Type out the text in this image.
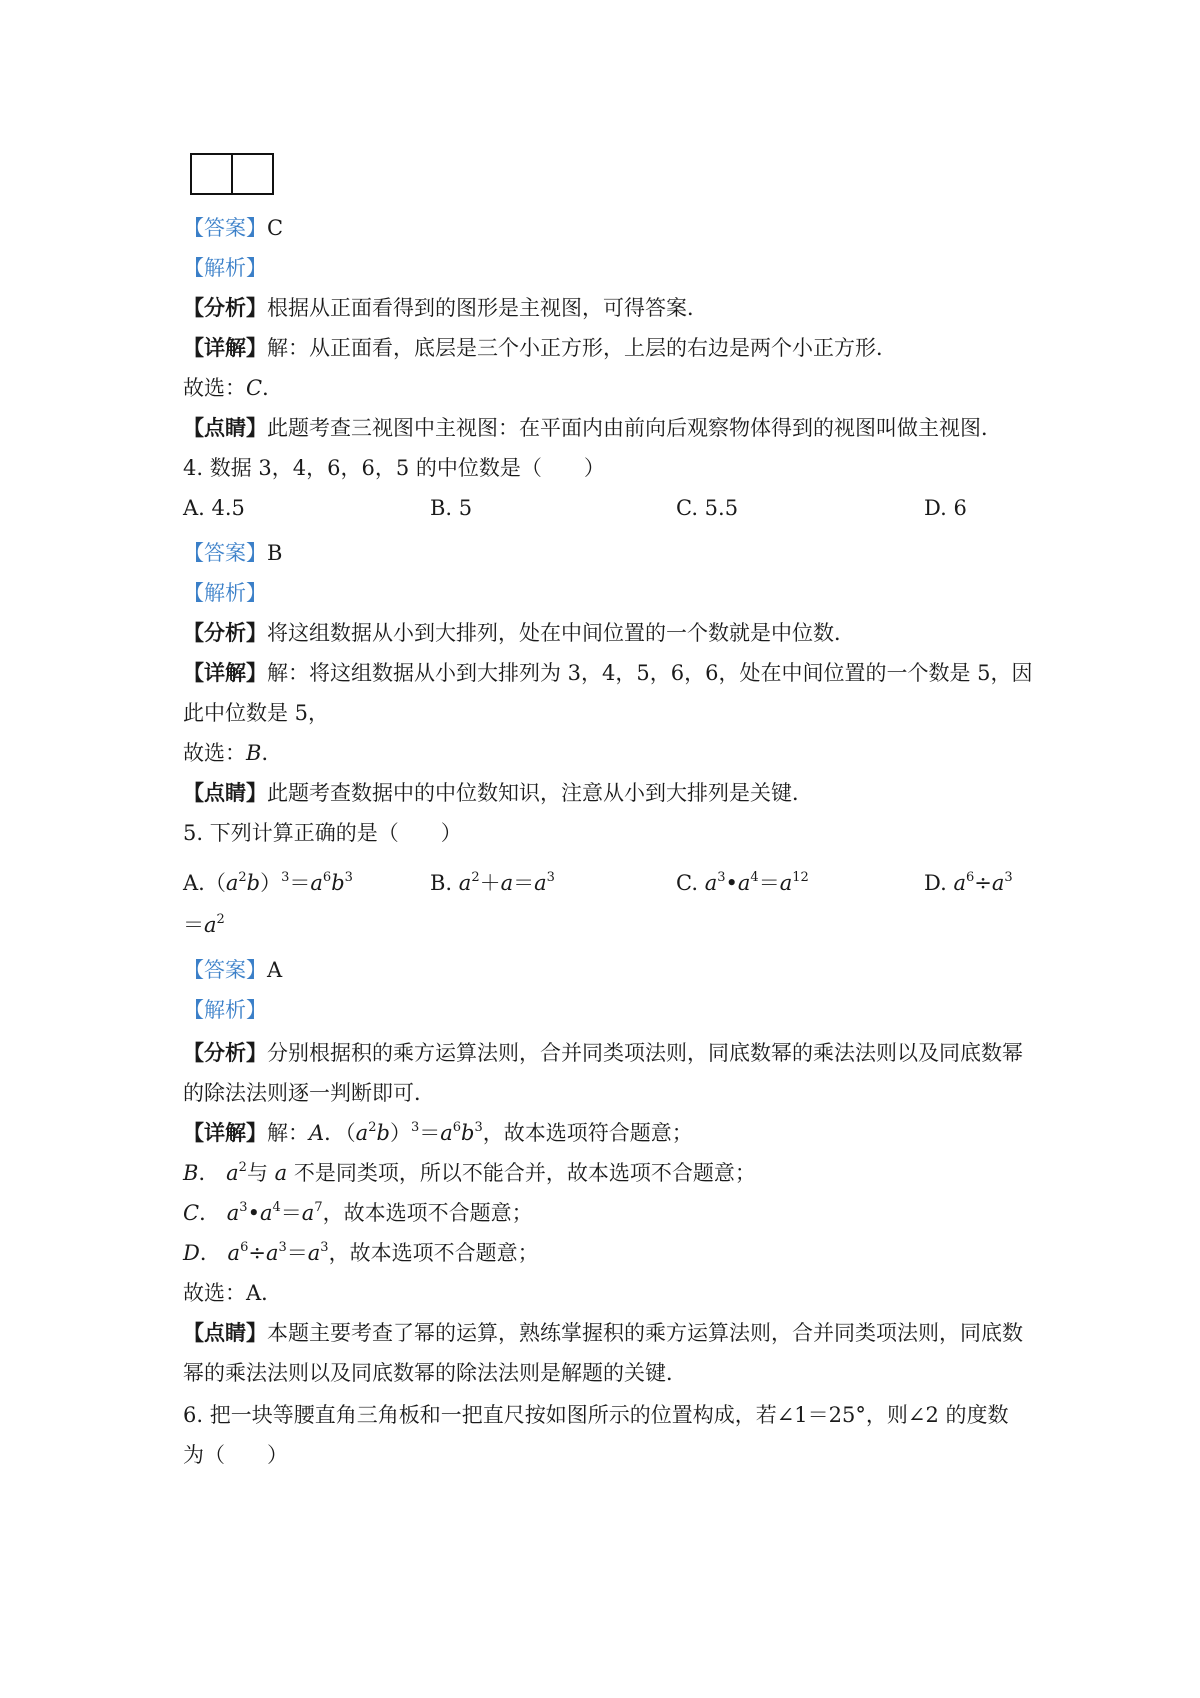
【答案】C
【解析】
【分析】根据从正面看得到的图形是主视图，可得答案．
【详解】解：从正面看，底层是三个小正方形，上层的右边是两个小正方形．
故选：C．
【点睛】此题考查三视图中主视图：在平面内由前向后观察物体得到的视图叫做主视图．
4. 数据 3，4，6，6，5 的中位数是（　　）
A. 4.5	B. 5	C. 5.5	D. 6
【答案】B
【解析】
【分析】将这组数据从小到大排列，处在中间位置的一个数就是中位数．
【详解】解：将这组数据从小到大排列为 3，4，5，6，6，处在中间位置的一个数是 5，因
此中位数是 5，
故选：B．
【点睛】此题考查数据中的中位数知识，注意从小到大排列是关键．
5. 下列计算正确的是（　　）
$A.(a^2b)^3=a^6b^3$	B. $a^2+a=a^3$	C. $a^3•a^4=a^{12}$	D. $a^6\div a^3$
$=a^2$
【答案】A
【解析】
【分析】分别根据积的乘方运算法则，合并同类项法则，同底数幂的乘法法则以及同底数幂
的除法法则逐一判断即可．
【详解】解：A．$(a^2b)^3=a^6b^3$，故本选项符合题意；
B． $a^2$与 a 不是同类项，所以不能合并，故本选项不合题意；
C． $a^3•a^4=a^7$，故本选项不合题意；
D． $a^6\div a^3=a^3$，故本选项不合题意；
故选：A．
【点睛】本题主要考查了幂的运算，熟练掌握积的乘方运算法则，合并同类项法则，同底数
幂的乘法法则以及同底数幂的除法法则是解题的关键．
6. 把一块等腰直角三角板和一把直尺按如图所示的位置构成，若∠1＝25°，则∠2 的度数
为（　　）
